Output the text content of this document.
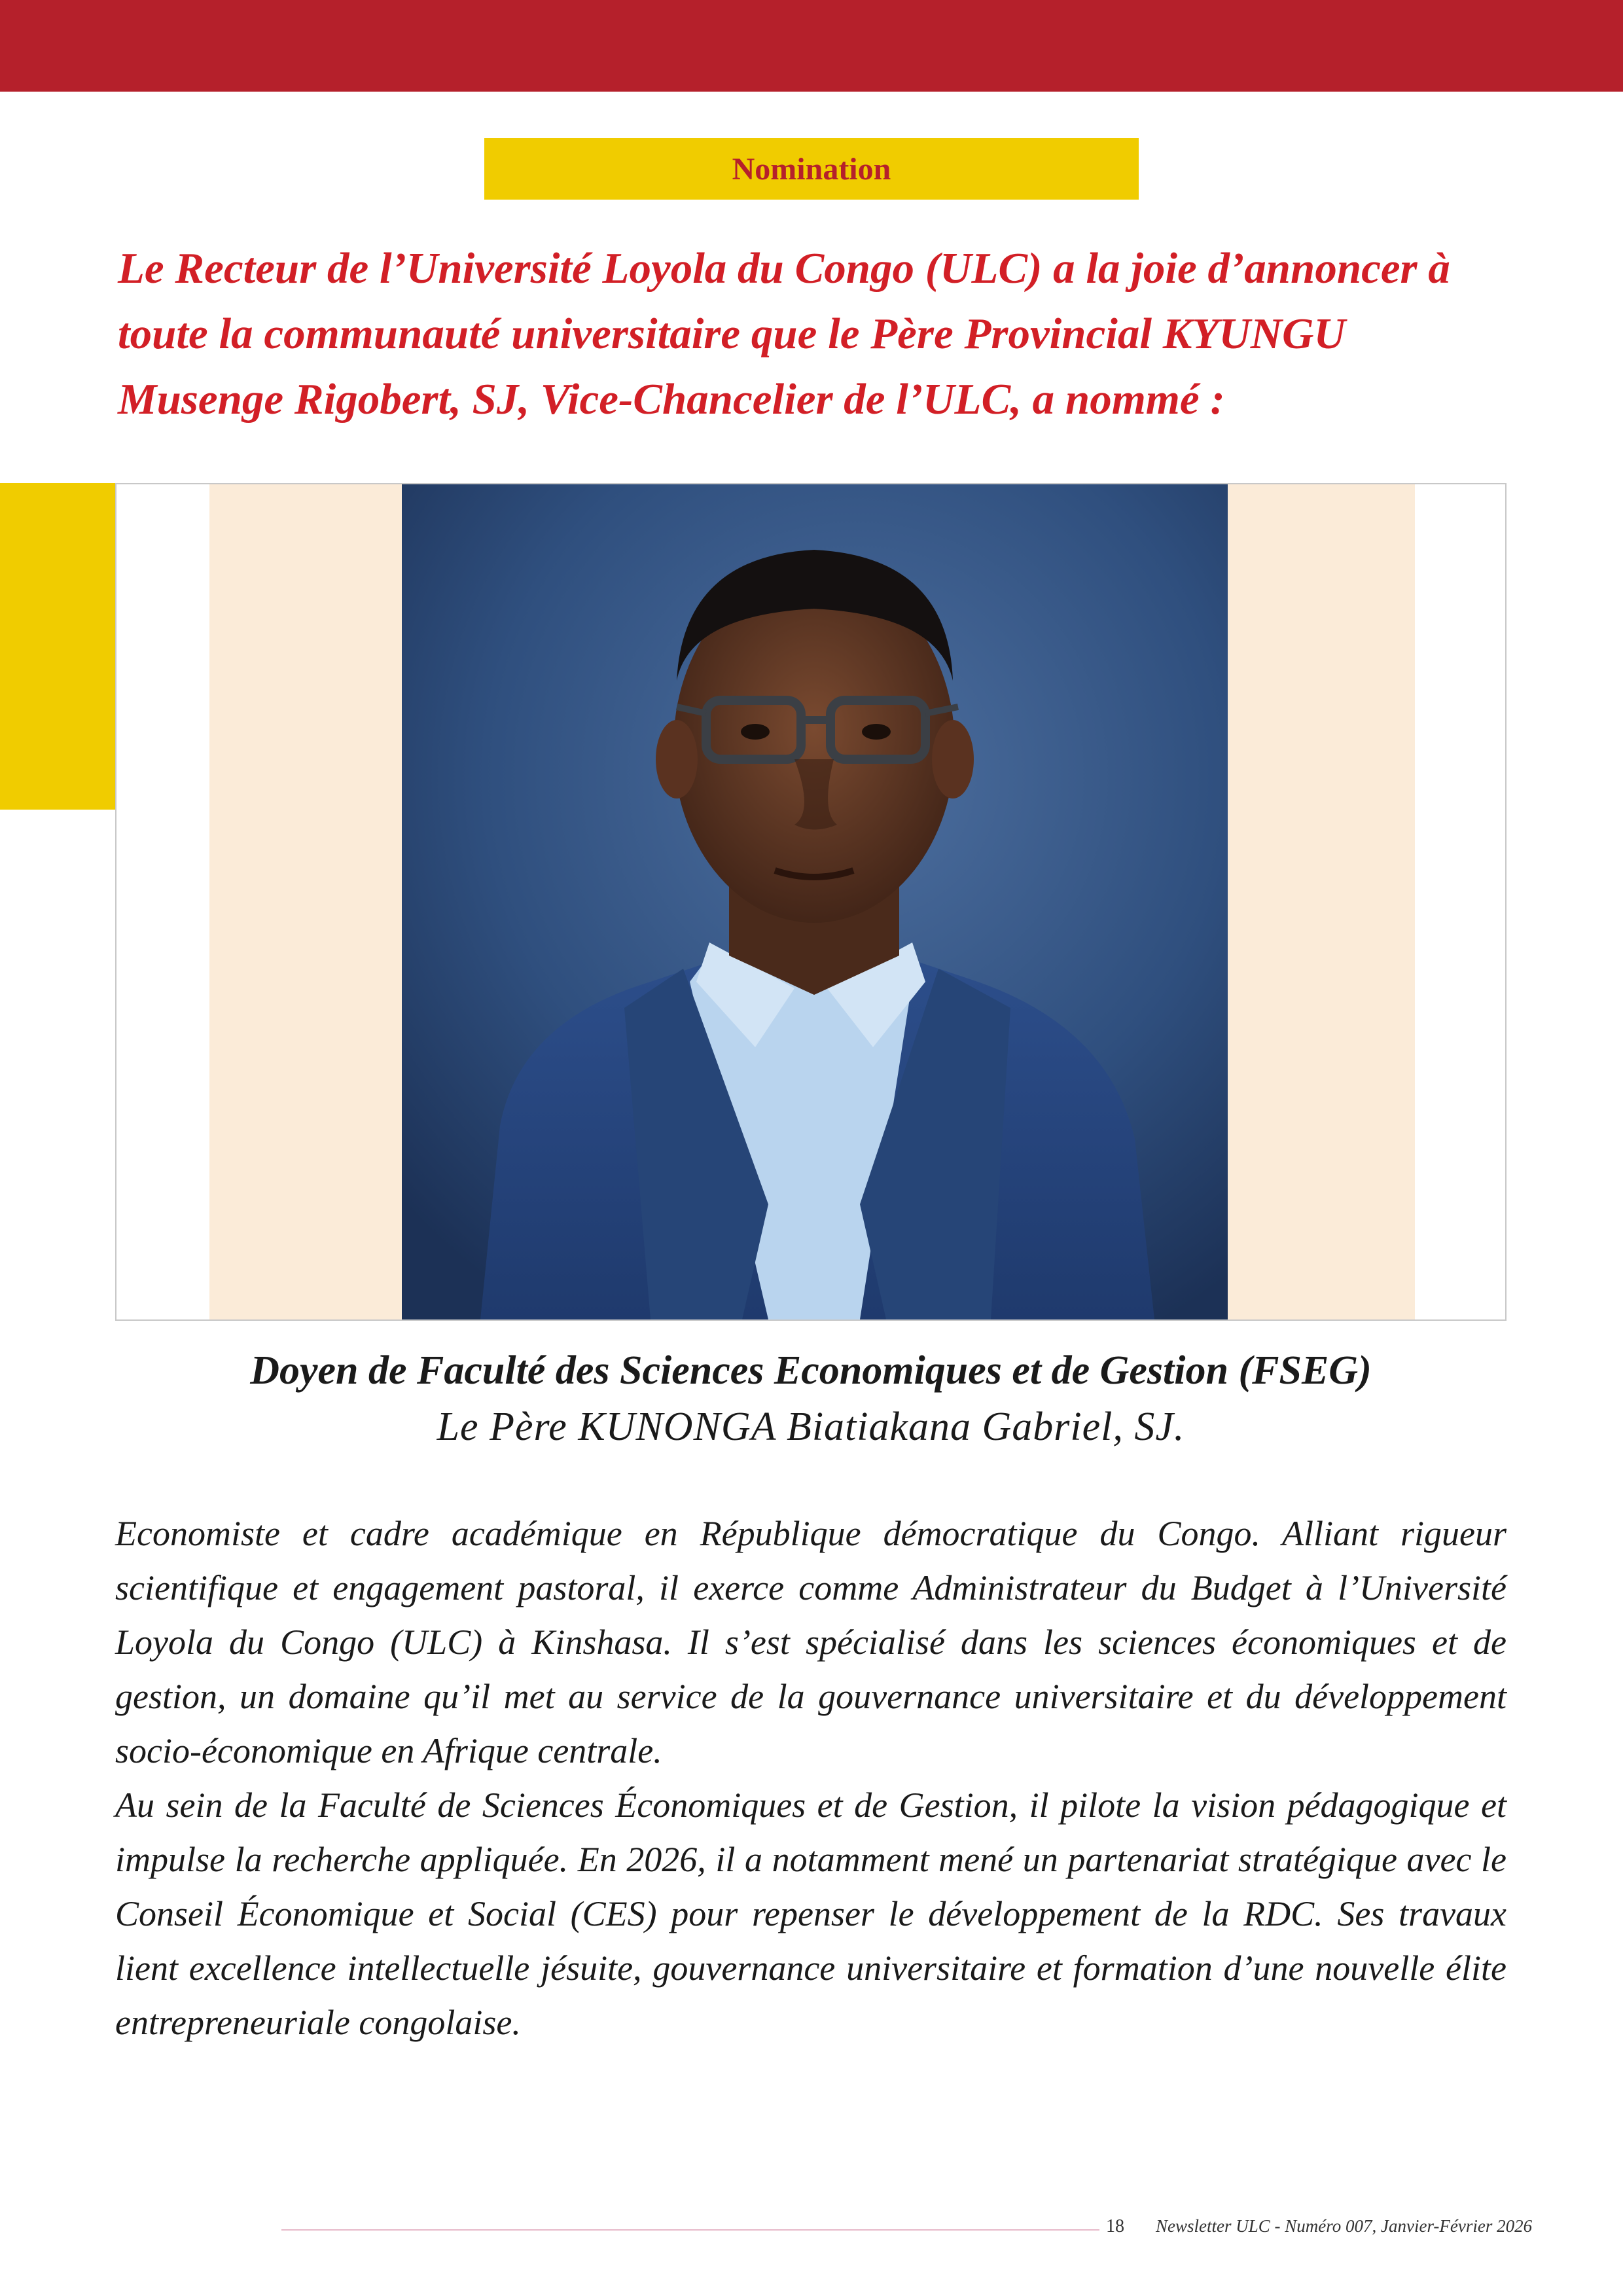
Nomination

Le Recteur de l’Université Loyola du Congo (ULC) a la joie d’annoncer à toute la communauté universitaire que le Père Provincial KYUNGU Musenge Rigobert, SJ, Vice-Chancelier de l’ULC, a nommé :

Doyen de Faculté des Sciences Economiques et de Gestion (FSEG)

Le Père KUNONGA Biatiakana Gabriel, SJ.

Economiste et cadre académique en République démocratique du Congo. Alliant rigueur scientifique et engagement pastoral, il exerce comme Administrateur du Budget à l’Université Loyola du Congo (ULC) à Kinshasa. Il s’est spécialisé dans les sciences économiques et de gestion, un domaine qu’il met au service de la gouvernance universitaire et du développement socio-économique en Afrique centrale.

Au sein de la Faculté de Sciences Économiques et de Gestion, il pilote la vision pédagogique et impulse la recherche appliquée. En 2026, il a notamment mené un partenariat stratégique avec le Conseil Économique et Social (CES) pour repenser le développement de la RDC. Ses travaux lient excellence intellectuelle jésuite, gouvernance universitaire et formation d’une nouvelle élite entrepreneuriale congolaise.

18 Newsletter ULC - Numéro 007, Janvier-Février 2026
